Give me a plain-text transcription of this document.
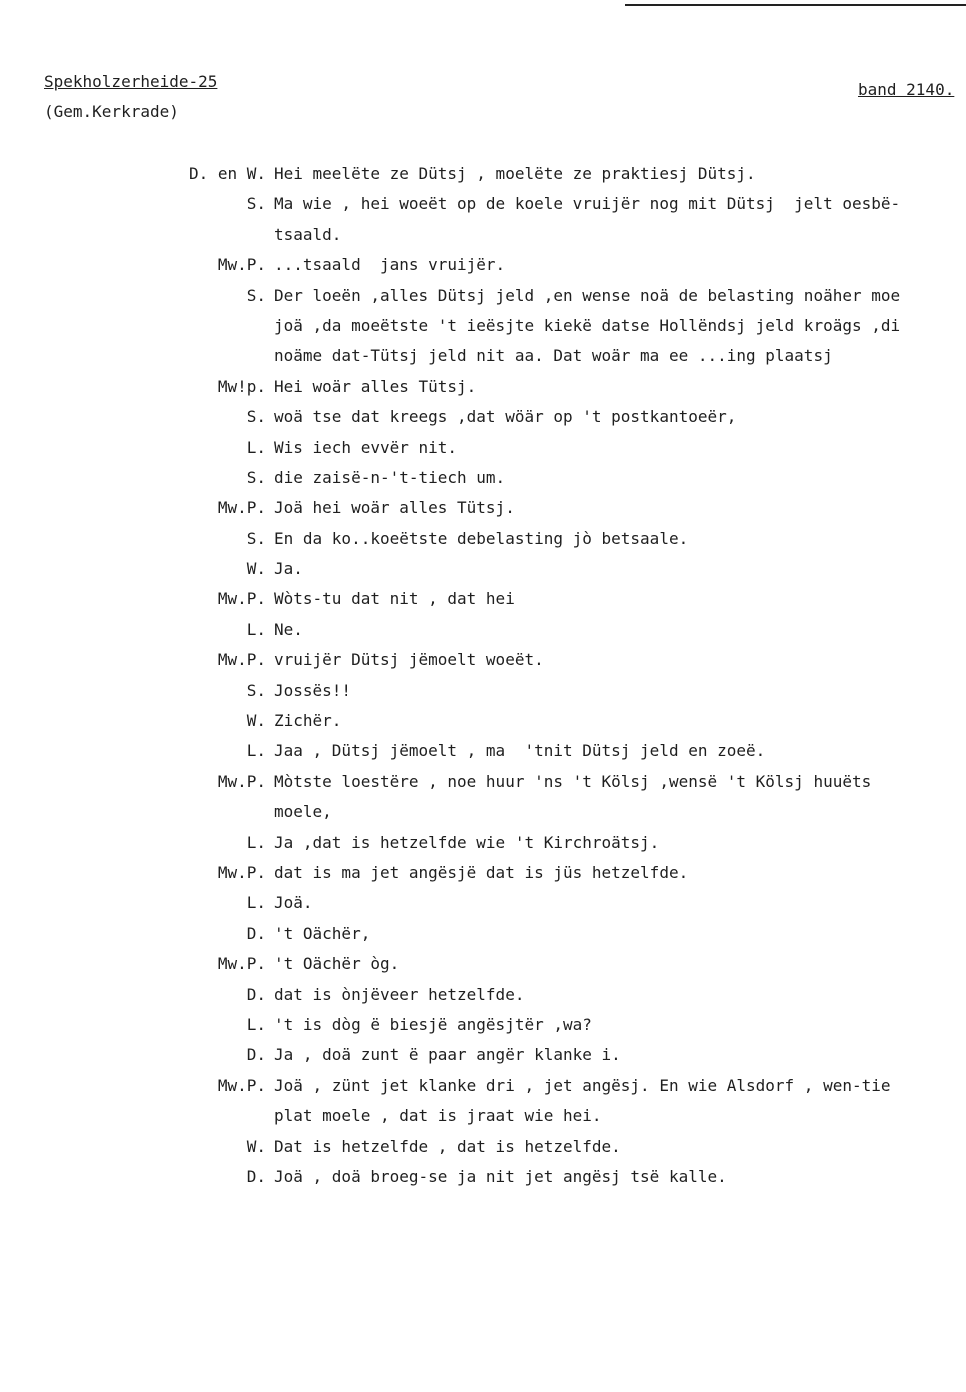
Spekholzerheide-25
(Gem.Kerkrade)
band 2140.
D. en W. Hei meelëte ze Dütsj , moelëte ze praktiesj Dütsj.
S. Ma wie , hei woeët op de koele vruijër nog mit Dütsj  jelt oesbë-
tsaald.
Mw.P. ...tsaald  jans vruijër.
S. Der loeën ,alles Dütsj jeld ,en wense noä de belasting noäher moe
joä ,da moeëtste 't ieësjte kiekë datse Hollëndsj jeld kroägs ,di
noäme dat-Tütsj jeld nit aa. Dat woär ma ee ...ing plaatsj
Mw!p. Hei woär alles Tütsj.
S. woä tse dat kreegs ,dat wöär op 't postkantoeër,
L. Wis iech evvër nit.
S. die zaisë-n-'t-tiech um.
Mw.P. Joä hei woär alles Tütsj.
S. En da ko..koeëtste debelasting jò betsaale.
W. Ja.
Mw.P. Wòts-tu dat nit , dat hei
L. Ne.
Mw.P. vruijër Dütsj jëmoelt woeët.
S. Jossës!!
W. Zichër.
L. Jaa , Dütsj jëmoelt , ma  'tnit Dütsj jeld en zoeë.
Mw.P. Mòtste loestëre , noe huur 'ns 't Kölsj ,wensë 't Kölsj huuëts
moele,
L. Ja ,dat is hetzelfde wie 't Kirchroätsj.
Mw.P. dat is ma jet angësjë dat is jüs hetzelfde.
L. Joä.
D. 't Oächër,
Mw.P. 't Oächër òg.
D. dat is ònjëveer hetzelfde.
L. 't is dòg ë biesjë angësjtër ,wa?
D. Ja , doä zunt ë paar angër klanke i.
Mw.P. Joä , zünt jet klanke dri , jet angësj. En wie Alsdorf , wen-tie
plat moele , dat is jraat wie hei.
W. Dat is hetzelfde , dat is hetzelfde.
D. Joä , doä broeg-se ja nit jet angësj tsë kalle.
